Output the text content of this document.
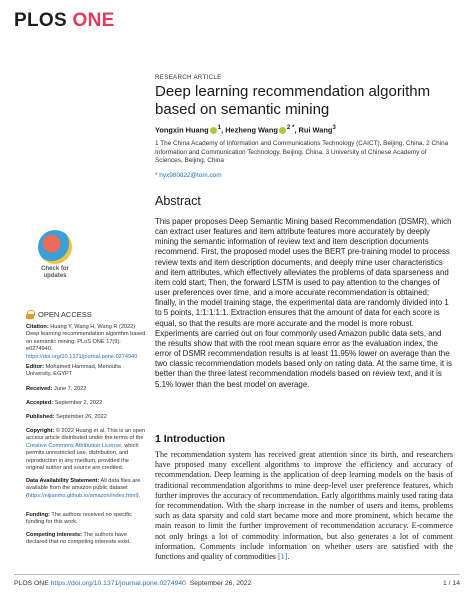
PLOS ONE
Check for updates
OPEN ACCESS
Citation: Huang Y, Wang H, Wang R (2022) Deep learning recommendation algorithm based on semantic mining. PLoS ONE 17(9): e0274940. https://doi.org/10.1371/journal.pone.0274940
Editor: Mohamed Hammad, Menoufia University, EGYPT
Received: June 7, 2022
Accepted: September 2, 2022
Published: September 26, 2022
Copyright: © 2022 Huang et al. This is an open access article distributed under the terms of the Creative Commons Attribution License, which permits unrestricted use, distribution, and reproduction in any medium, provided the original author and source are credited.
Data Availability Statement: All data files are available from the amazon public dataset (https://nijianmo.github.io/amazon/index.html).
Funding: The authors received no specific funding for this work.
Competing interests: The authors have declared that no competing interests exist.
RESEARCH ARTICLE
Deep learning recommendation algorithm based on semantic mining
Yongxin Huang $^1$, Hezheng Wang $^{2 *}$, Rui Wang$^3$
1 The China Academy of Information and Communications Technology (CAICT), Beijing, China, 2 China Information and Communication Technology, Beijing, China, 3 University of Chinese Academy of Sciences, Beijing, China
* hyx980822@tom.com
Abstract
This paper proposes Deep Semantic Mining based Recommendation (DSMR), which can extract user features and item attribute features more accurately by deeply mining the semantic information of review text and item description documents recommend. First, the proposed model uses the BERT pre-training model to process review texts and item description documents, and deeply mine user characteristics and item attributes, which effectively alleviates the problems of data sparseness and item cold start; Then, the forward LSTM is used to pay attention to the changes of user preferences over time, and a more accurate recommendation is obtained; finally, in the model training stage, the experimental data are randomly divided into 1 to 5 points, 1:1:1:1:1. Extraction ensures that the amount of data for each score is equal, so that the results are more accurate and the model is more robust. Experiments are carried out on four commonly used Amazon public data sets, and the results show that with the root mean square error as the evaluation index, the error of DSMR recommendation results is at least 11.95% lower on average than the two classic recommendation models based only on rating data. At the same time, it is better than the three latest recommendation models based on review text, and it is 5.1% lower than the best model on average.
1 Introduction
The recommendation system has received great attention since its birth, and researchers have proposed many excellent algorithms to improve the efficiency and accuracy of recommendation. Deep learning is the application of deep learning models on the basis of traditional recommendation algorithms to mine deep-level user preference features, which further improves the accuracy of recommendation. Early algorithms mainly used rating data for recommendation. With the sharp increase in the number of users and items, problems such as data sparsity and cold start became more and more prominent, which became the main reason to limit the further improvement of recommendation accuracy. E-commerce not only brings a lot of commodity information, but also generates a lot of comment information. Comments include information on whether users are satisfied with the functions and quality of commodities [1].
PLOS ONE https://doi.org/10.1371/journal.pone.0274940 September 26, 2022	1 / 14
